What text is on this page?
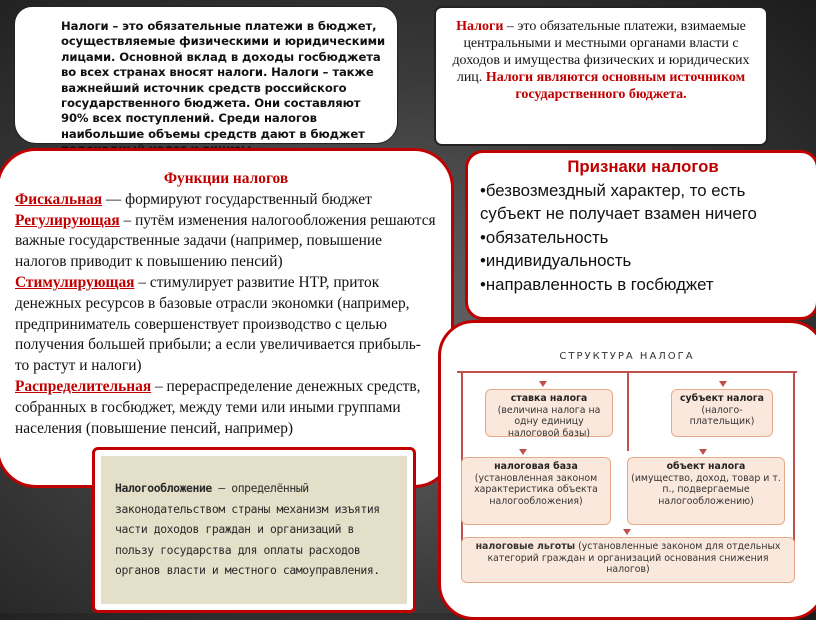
Налоги – это обязательные платежи в бюджет, осуществляемые физическими и юридическими лицами. Основной вклад в доходы госбюджета во всех странах вносят налоги. Налоги – также важнейший источник средств российского государственного бюджета. Они составляют 90% всех поступлений. Среди налогов наибольшие объемы средств дают в бюджет
Налоги – это обязательные платежи, взимаемые центральными и местными органами власти с доходов и имущества физических и юридических лиц. Налоги являются основным источником государственного бюджета.
Функции налогов
Фискальная — формируют государственный бюджет
Регулирующая – путём изменения налогообложения решаются важные государственные задачи (например, повышение налогов приводит к повышению пенсий)
Стимулирующая – стимулирует развитие НТР, приток денежных ресурсов в базовые отрасли экономки (например, предприниматель совершенствует производство с целью получения большей прибыли; а если увеличивается прибыль- то растут и налоги)
Распределительная – перераспределение денежных средств, собранных в госбюджет, между теми или иными группами населения (повышение пенсий, например)
Признаки налогов
•безвозмездный характер, то есть субъект не получает взамен ничего
•обязательность
•индивидуальность
•направленность в госбюджет
СТРУКТУРА НАЛОГА
ставка налога
(величина налога на одну единицу налоговой базы)
субъект налога
(налого-плательщик)
налоговая база
(установленная законом характеристика объекта налогообложения)
объект налога
(имущество, доход, товар и т. п., подвергаемые налогообложению)
налоговые льготы (установленные законом для отдельных категорий граждан и организаций основания снижения налогов)
Налогообложение — определённый законодательством страны механизм изъятия части доходов граждан и организаций в пользу государства для оплаты расходов органов власти и местного самоуправления.
